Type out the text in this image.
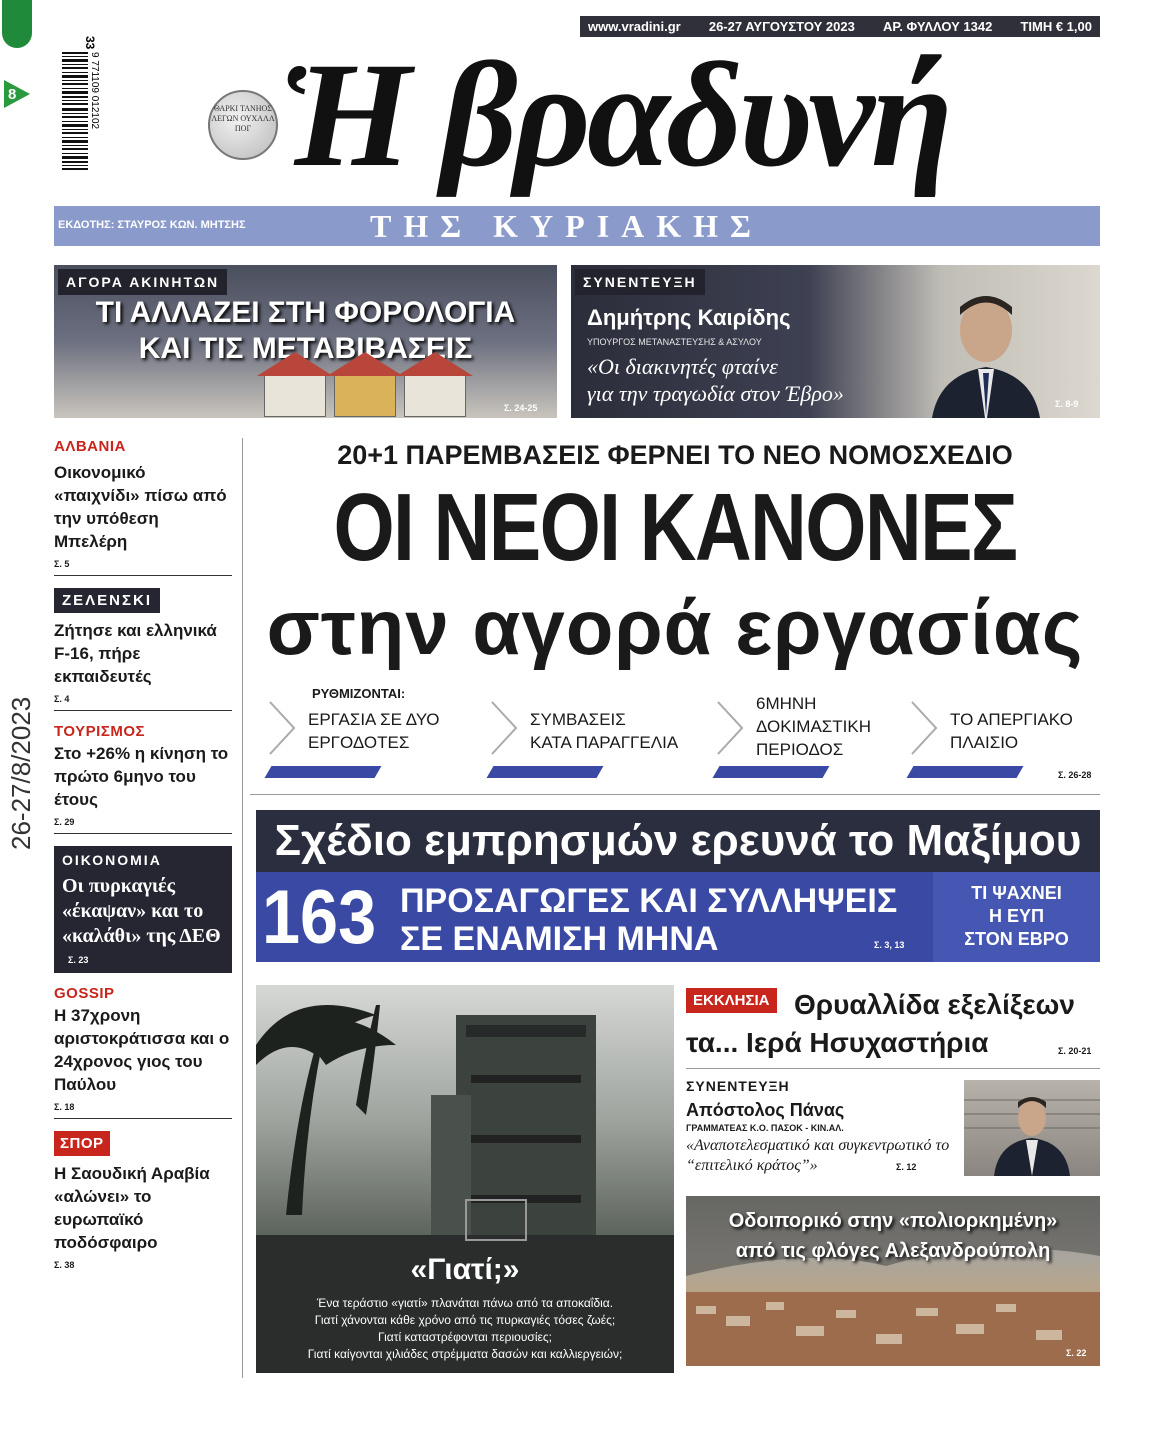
8
33
9 771109 012102
www.vradini.gr 26-27 ΑΥΓΟΥΣΤΟΥ 2023 ΑΡ. ΦΥΛΛΟΥ 1342 ΤΙΜΗ € 1,00
ΘΑΡΚΙ ΤΑΝΗΟΣ ΛΕΓΩΝ ΟΥΧΑΛΛ ΠΟΓ Ἡ βραδυνή
ΕΚΔΟΤΗΣ: ΣΤΑΥΡΟΣ ΚΩΝ. ΜΗΤΣΗΣ	ΤΗΣ ΚΥΡΙΑΚΗΣ
ΑΓΟΡΑ ΑΚΙΝΗΤΩΝ
ΤΙ ΑΛΛΑΖΕΙ ΣΤΗ ΦΟΡΟΛΟΓΙΑ
ΚΑΙ ΤΙΣ ΜΕΤΑΒΙΒΑΣΕΙΣ
Σ. 24-25
ΣΥΝΕΝΤΕΥΞΗ
Δημήτρης Καιρίδης
ΥΠΟΥΡΓΟΣ ΜΕΤΑΝΑΣΤΕΥΣΗΣ & ΑΣΥΛΟΥ
«Οι διακινητές φταίνε
για την τραγωδία στον Έβρο»	Σ. 8-9
ΑΛΒΑΝΙΑ
Οικονομικό «παιχνίδι» πίσω από την υπόθεση Μπελέρη
Σ. 5
ΖΕΛΕΝΣΚΙ
Ζήτησε και ελληνικά F-16, πήρε εκπαιδευτές
Σ. 4
ΤΟΥΡΙΣΜΟΣ
Στο +26% η κίνηση το πρώτο 6μηνο του έτους
Σ. 29
ΟΙΚΟΝΟΜΙΑ
Οι πυρκαγιές «έκαψαν» και το «καλάθι» της ΔΕΘ
Σ. 23
GOSSIP
Η 37χρονη αριστοκράτισσα και ο 24χρονος γιος του Παύλου
Σ. 18
ΣΠΟΡ
Η Σαουδική Αραβία «αλώνει» το ευρωπαϊκό ποδόσφαιρο
Σ. 38
26-27/8/2023
20+1 ΠΑΡΕΜΒΑΣΕΙΣ ΦΕΡΝΕΙ ΤΟ ΝΕΟ ΝΟΜΟΣΧΕΔΙΟ
ΟΙ ΝΕΟΙ ΚΑΝΟΝΕΣ
στην αγορά εργασίας
ΡΥΘΜΙΖΟΝΤΑΙ:
ΕΡΓΑΣΙΑ ΣΕ ΔΥΟ
ΕΡΓΟΔΟΤΕΣ
ΣΥΜΒΑΣΕΙΣ
ΚΑΤΑ ΠΑΡΑΓΓΕΛΙΑ
6ΜΗΝΗ
ΔΟΚΙΜΑΣΤΙΚΗ
ΠΕΡΙΟΔΟΣ
ΤΟ ΑΠΕΡΓΙΑΚΟ
ΠΛΑΙΣΙΟ
Σ. 26-28
Σχέδιο εμπρησμών ερευνά το Μαξίμου
163 ΠΡΟΣΑΓΩΓΕΣ ΚΑΙ ΣΥΛΛΗΨΕΙΣ
ΣΕ ΕΝΑΜΙΣΗ ΜΗΝΑ	Σ. 3, 13
ΤΙ ΨΑΧΝΕΙ
Η ΕΥΠ
ΣΤΟΝ ΕΒΡΟ
«Γιατί;»
Ένα τεράστιο «γιατί» πλανάται πάνω από τα αποκαΐδια.
Γιατί χάνονται κάθε χρόνο από τις πυρκαγιές τόσες ζωές;
Γιατί καταστρέφονται περιουσίες;
Γιατί καίγονται χιλιάδες στρέμματα δασών και καλλιεργειών;
Θρυαλλίδα εξελίξεων τα... Ιερά Ησυχαστήρια
ΕΚΚΛΗΣΙΑ
Σ. 20-21
ΣΥΝΕΝΤΕΥΞΗ
Απόστολος Πάνας
ΓΡΑΜΜΑΤΕΑΣ Κ.Ο. ΠΑΣΟΚ - ΚΙΝ.ΑΛ.
«Αναποτελεσματικό και συγκεντρωτικό το “επιτελικό κράτος”»	Σ. 12
Οδοιπορικό στην «πολιορκημένη»
από τις φλόγες Αλεξανδρούπολη
Σ. 22
